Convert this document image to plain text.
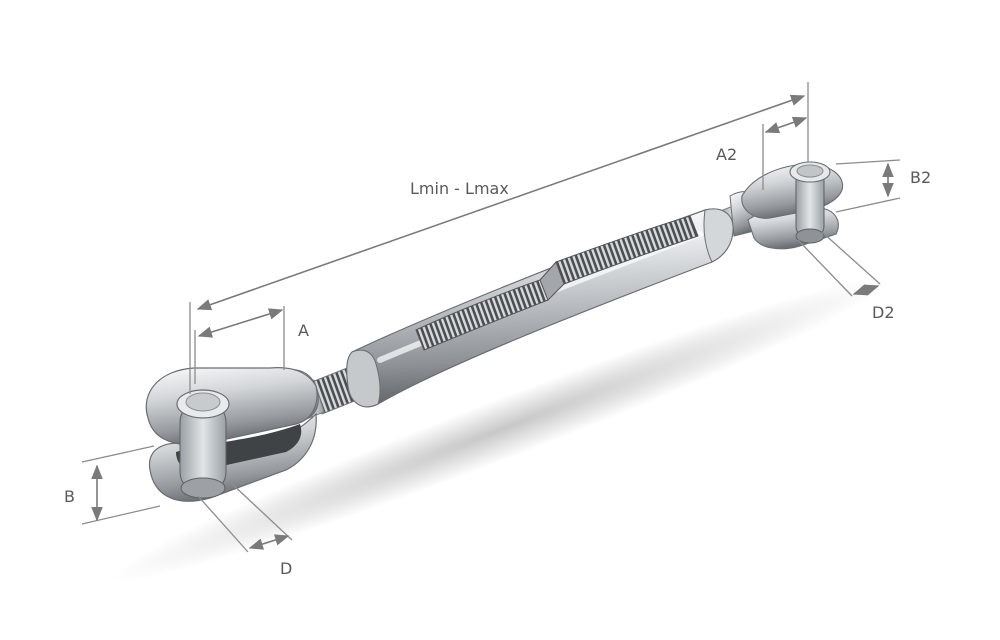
Lmin - Lmax
A
A2
B
B2
D
D2
